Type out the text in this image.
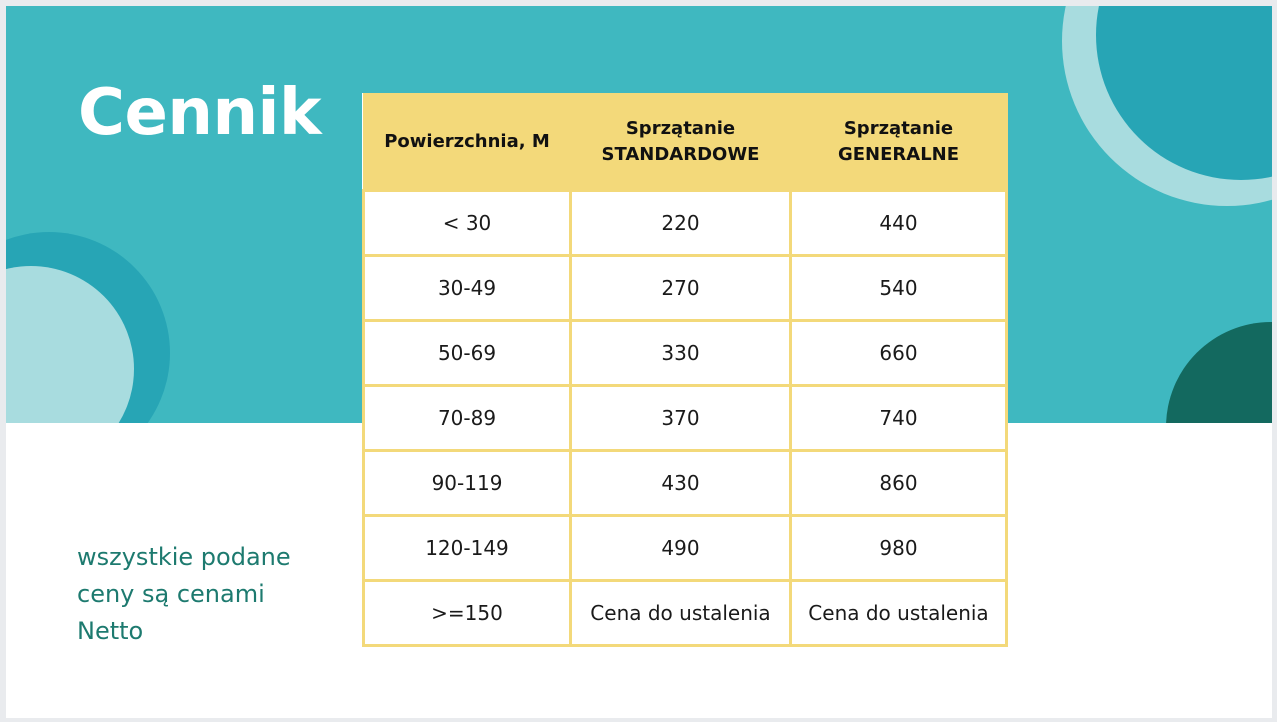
Cennik
wszystkie podane ceny są cenami Netto
Powierzchnia, M	Sprzątanie STANDARDOWE	Sprzątanie GENERALNE
< 30	220	440
30-49	270	540
50-69	330	660
70-89	370	740
90-119	430	860
120-149	490	980
>=150	Cena do ustalenia	Cena do ustalenia
